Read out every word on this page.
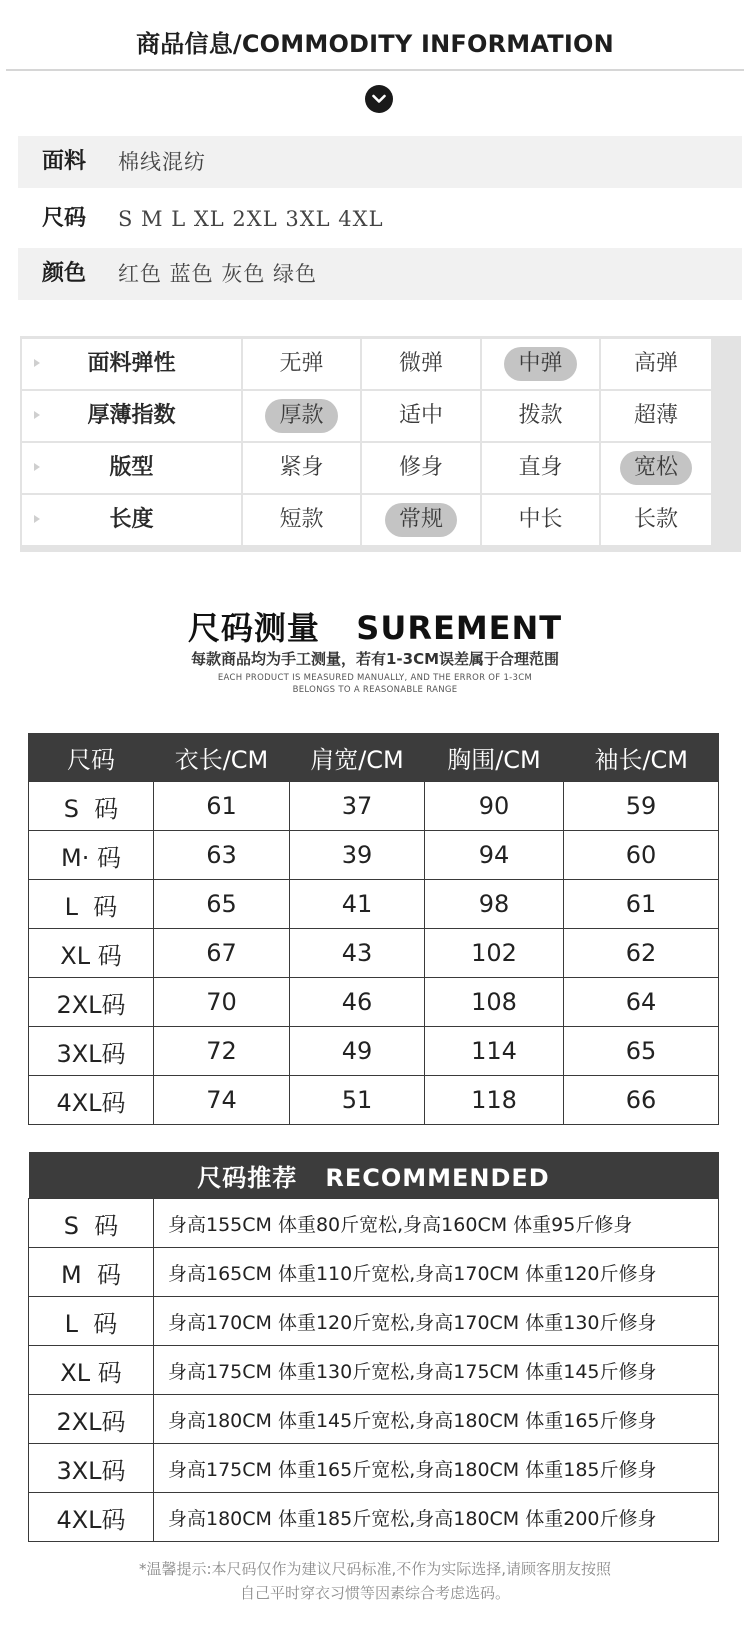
商品信息/COMMODITY INFORMATION
面料 棉线混纺
尺码 S M L XL 2XL 3XL 4XL
颜色 红色 蓝色 灰色 绿色
面料弹性	无弹	微弹	中弹	高弹
厚薄指数	厚款	适中	拨款	超薄
版型	紧身	修身	直身	宽松
长度	短款	常规	中长	长款
尺码测量   SUREMENT
每款商品均为手工测量，若有1-3CM误差属于合理范围
EACH PRODUCT IS MEASURED MANUALLY, AND THE ERROR OF 1-3CM
BELONGS TO A REASONABLE RANGE
尺码	衣长/CM	肩宽/CM	胸围/CM	袖长/CM
S  码	61	37	90	59
M· 码	63	39	94	60
L  码	65	41	98	61
XL 码	67	43	102	62
2XL码	70	46	108	64
3XL码	72	49	114	65
4XL码	74	51	118	66
尺码推荐   RECOMMENDED	
S  码	身高155CM 体重80斤宽松,身高160CM 体重95斤修身
M  码	身高165CM 体重110斤宽松,身高170CM 体重120斤修身
L  码	身高170CM 体重120斤宽松,身高170CM 体重130斤修身
XL 码	身高175CM 体重130斤宽松,身高175CM 体重145斤修身
2XL码	身高180CM 体重145斤宽松,身高180CM 体重165斤修身
3XL码	身高175CM 体重165斤宽松,身高180CM 体重185斤修身
4XL码	身高180CM 体重185斤宽松,身高180CM 体重200斤修身
*温馨提示:本尺码仅作为建议尺码标准,不作为实际选择,请顾客朋友按照
自己平时穿衣习惯等因素综合考虑选码。
